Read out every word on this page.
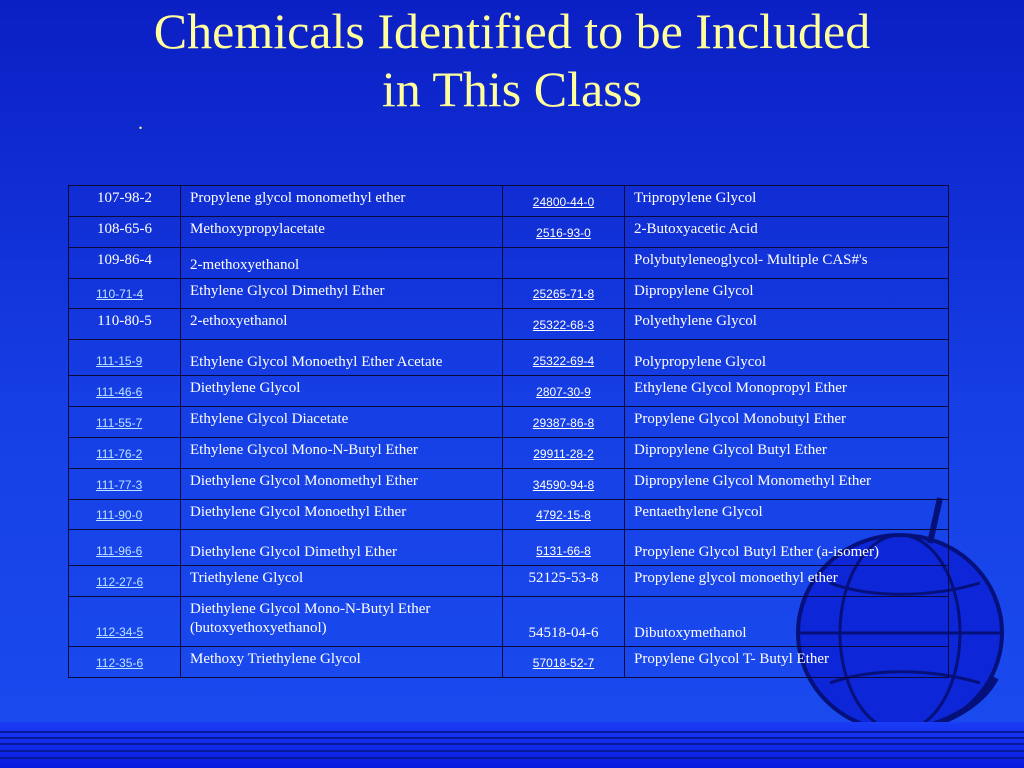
Chemicals Identified to be Included
in This Class
.
107-98-2	Propylene glycol monomethyl ether	24800-44-0	Tripropylene Glycol
108-65-6	Methoxypropylacetate	2516-93-0	2-Butoxyacetic Acid
109-86-4	2-methoxyethanol		Polybutyleneoglycol- Multiple CAS#'s
110-71-4	Ethylene Glycol Dimethyl Ether	25265-71-8	Dipropylene Glycol
110-80-5	2-ethoxyethanol	25322-68-3	Polyethylene Glycol
111-15-9	Ethylene Glycol Monoethyl Ether Acetate	25322-69-4	Polypropylene Glycol
111-46-6	Diethylene Glycol	2807-30-9	Ethylene Glycol Monopropyl Ether
111-55-7	Ethylene Glycol Diacetate	29387-86-8	Propylene Glycol Monobutyl Ether
111-76-2	Ethylene Glycol Mono-N-Butyl Ether	29911-28-2	Dipropylene Glycol Butyl Ether
111-77-3	Diethylene Glycol Monomethyl Ether	34590-94-8	Dipropylene Glycol Monomethyl Ether
111-90-0	Diethylene Glycol Monoethyl Ether	4792-15-8	Pentaethylene Glycol
111-96-6	Diethylene Glycol Dimethyl Ether	5131-66-8	Propylene Glycol Butyl Ether (a-isomer)
112-27-6	Triethylene Glycol	52125-53-8	Propylene glycol monoethyl ether
112-34-5	Diethylene Glycol Mono-N-Butyl Ether (butoxyethoxyethanol)	54518-04-6	Dibutoxymethanol
112-35-6	Methoxy Triethylene Glycol	57018-52-7	Propylene Glycol T- Butyl Ether
